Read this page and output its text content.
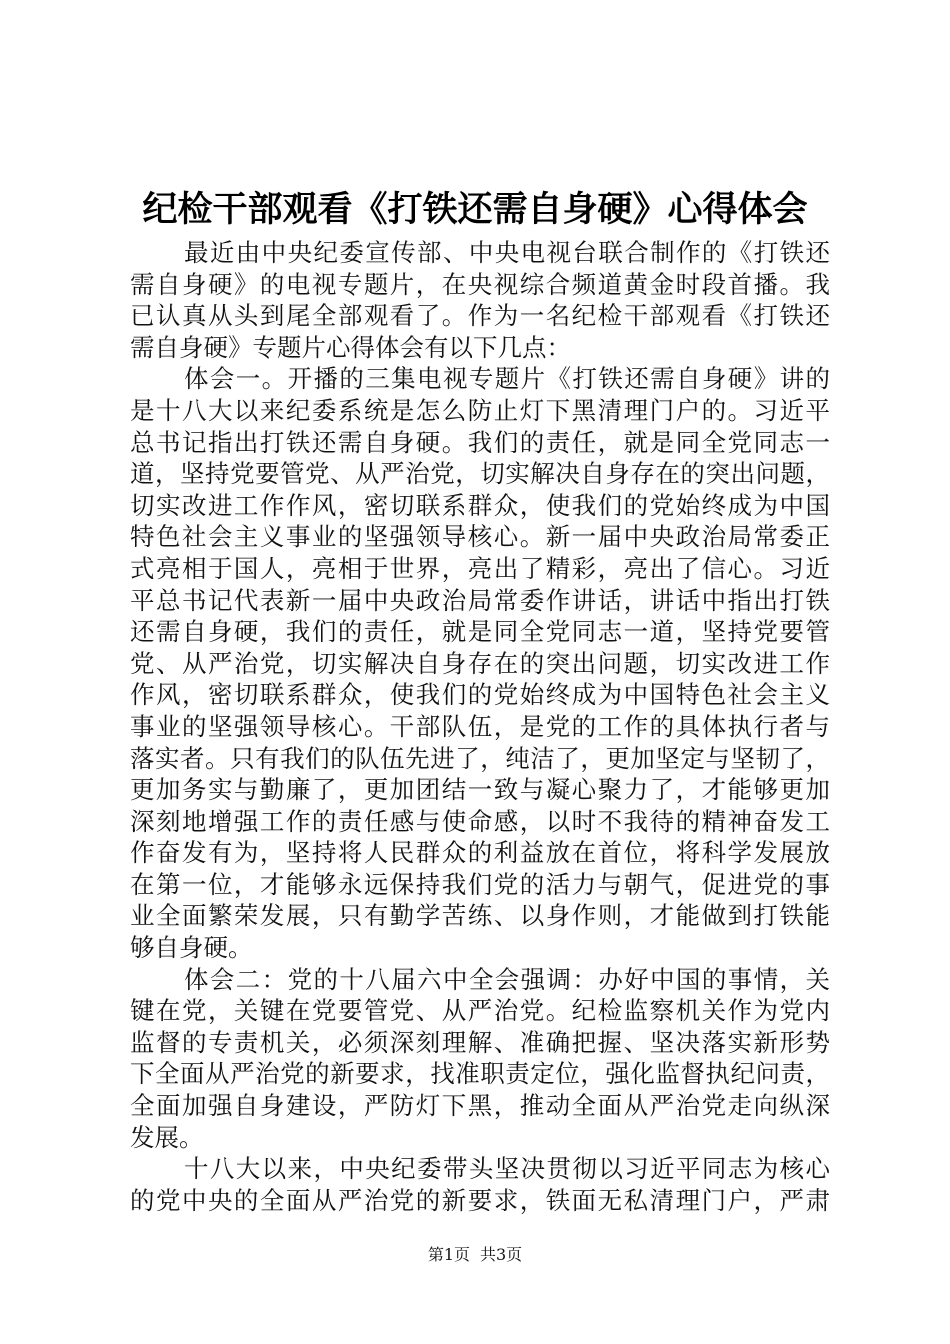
纪检干部观看《打铁还需自身硬》心得体会
最近由中央纪委宣传部、中央电视台联合制作的《打铁还
需自身硬》的电视专题片，在央视综合频道黄金时段首播。我
已认真从头到尾全部观看了。作为一名纪检干部观看《打铁还
需自身硬》专题片心得体会有以下几点：
体会一。开播的三集电视专题片《打铁还需自身硬》讲的
是十八大以来纪委系统是怎么防止灯下黑清理门户的。习近平
总书记指出打铁还需自身硬。我们的责任，就是同全党同志一
道，坚持党要管党、从严治党，切实解决自身存在的突出问题，
切实改进工作作风，密切联系群众，使我们的党始终成为中国
特色社会主义事业的坚强领导核心。新一届中央政治局常委正
式亮相于国人，亮相于世界，亮出了精彩，亮出了信心。习近
平总书记代表新一届中央政治局常委作讲话，讲话中指出打铁
还需自身硬，我们的责任，就是同全党同志一道，坚持党要管
党、从严治党，切实解决自身存在的突出问题，切实改进工作
作风，密切联系群众，使我们的党始终成为中国特色社会主义
事业的坚强领导核心。干部队伍，是党的工作的具体执行者与
落实者。只有我们的队伍先进了，纯洁了，更加坚定与坚韧了，
更加务实与勤廉了，更加团结一致与凝心聚力了，才能够更加
深刻地增强工作的责任感与使命感，以时不我待的精神奋发工
作奋发有为，坚持将人民群众的利益放在首位，将科学发展放
在第一位，才能够永远保持我们党的活力与朝气，促进党的事
业全面繁荣发展，只有勤学苦练、以身作则，才能做到打铁能
够自身硬。
体会二：党的十八届六中全会强调：办好中国的事情，关
键在党，关键在党要管党、从严治党。纪检监察机关作为党内
监督的专责机关，必须深刻理解、准确把握、坚决落实新形势
下全面从严治党的新要求，找准职责定位，强化监督执纪问责，
全面加强自身建设，严防灯下黑，推动全面从严治党走向纵深
发展。
十八大以来，中央纪委带头坚决贯彻以习近平同志为核心
的党中央的全面从严治党的新要求，铁面无私清理门户，严肃
第1页 共3页
